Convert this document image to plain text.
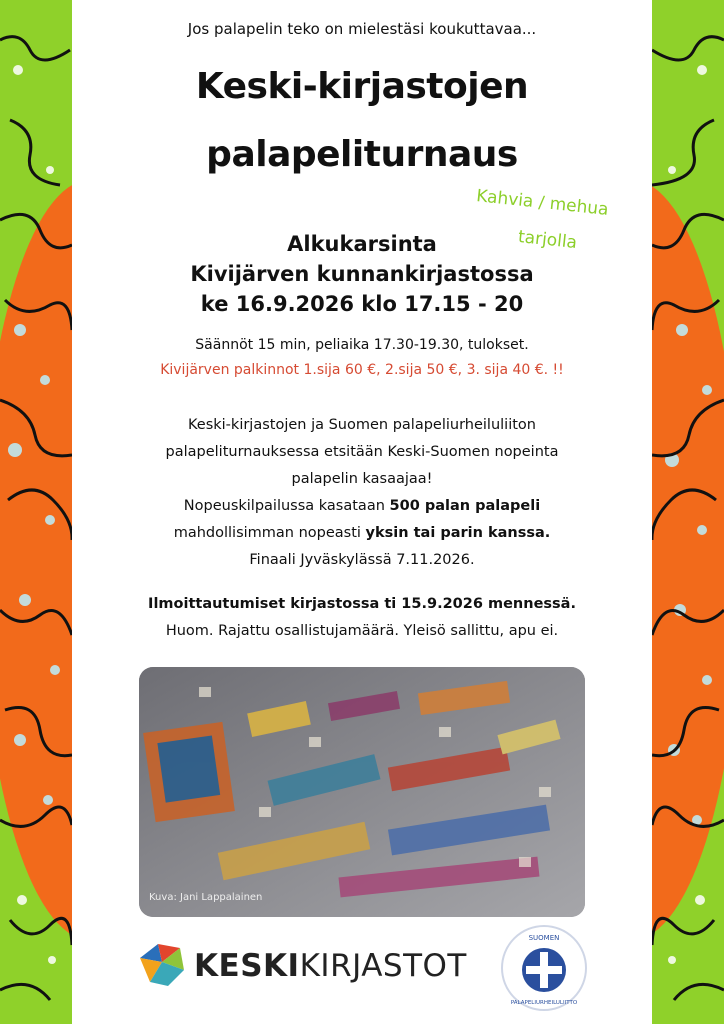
Jos palapelin teko on mielestäsi koukuttavaa...
Keski-kirjastojen
palapeliturnaus
Kahvia / mehua
tarjolla
Alkukarsinta
Kivijärven kunnankirjastossa
ke 16.9.2026 klo 17.15 - 20
Säännöt 15 min, peliaika 17.30-19.30, tulokset.
Kivijärven palkinnot 1.sija 60 €, 2.sija 50 €, 3. sija 40 €. !!
Keski-kirjastojen ja Suomen palapeliurheiluliiton
palapeliturnauksessa etsitään Keski-Suomen nopeinta
palapelin kasaajaa!
Nopeuskilpailussa kasataan 500 palan palapeli
mahdollisimman nopeasti yksin tai parin kanssa.
Finaali Jyväskylässä 7.11.2026.
Ilmoittautumiset kirjastossa ti 15.9.2026 mennessä.
Huom. Rajattu osallistujamäärä. Yleisö sallittu, apu ei.
Kuva: Jani Lappalainen
KESKIKIRJASTOT
SUOMEN
PALAPELIURHEILULIITTO
